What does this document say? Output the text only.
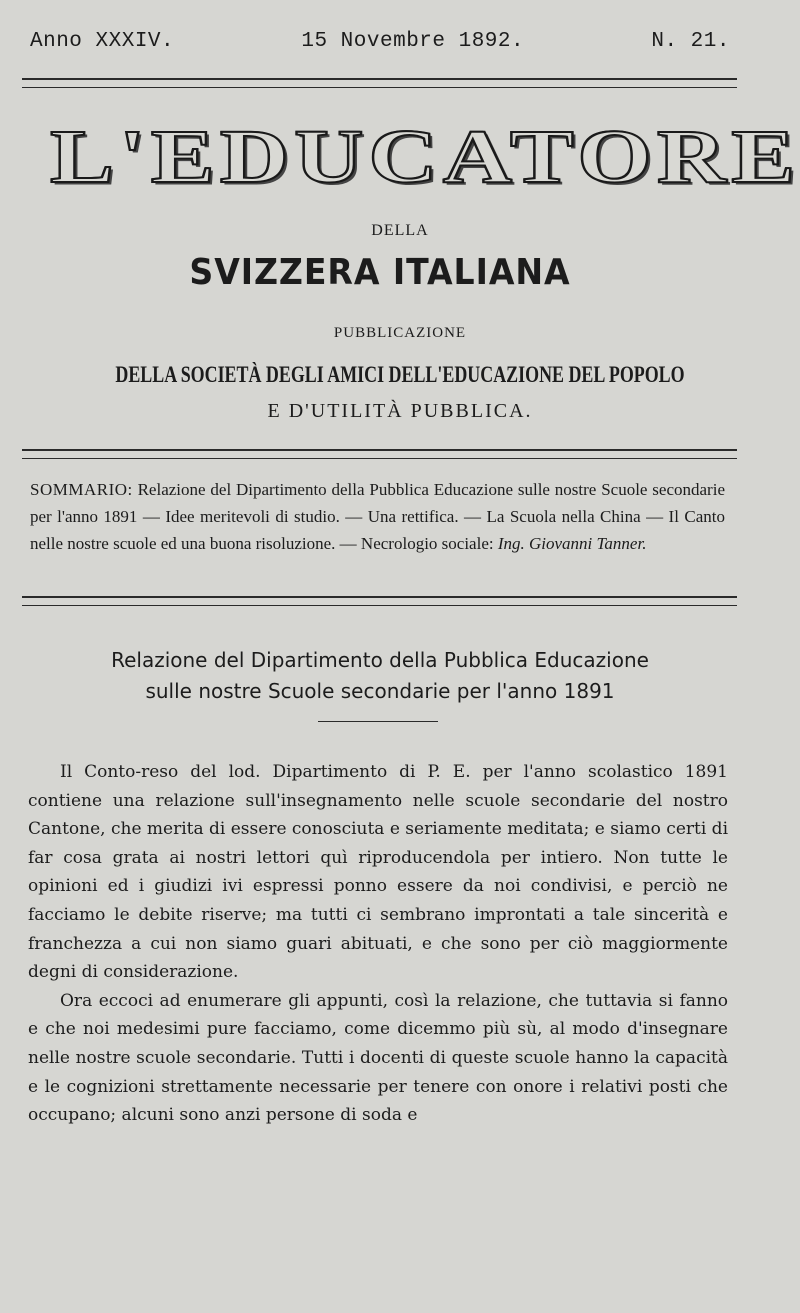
Anno XXXIV.	15 Novembre 1892.	N. 21.
L'EDUCATORE
DELLA
SVIZZERA ITALIANA
PUBBLICAZIONE
DELLA SOCIETÀ DEGLI AMICI DELL'EDUCAZIONE DEL POPOLO
E D'UTILITÀ PUBBLICA.
SOMMARIO: Relazione del Dipartimento della Pubblica Educazione sulle nostre Scuole secondarie per l'anno 1891 — Idee meritevoli di studio. — Una rettifica. — La Scuola nella China — Il Canto nelle nostre scuole ed una buona risoluzione. — Necrologio sociale: Ing. Giovanni Tanner.
Relazione del Dipartimento della Pubblica Educazione
sulle nostre Scuole secondarie per l'anno 1891

Il Conto-reso del lod. Dipartimento di P. E. per l'anno scolastico 1891 contiene una relazione sull'insegnamento nelle scuole secondarie del nostro Cantone, che merita di essere conosciuta e seriamente meditata; e siamo certi di far cosa grata ai nostri lettori quì riproducendola per intiero. Non tutte le opinioni ed i giudizi ivi espressi ponno essere da noi condivisi, e perciò ne facciamo le debite riserve; ma tutti ci sembrano improntati a tale sincerità e franchezza a cui non siamo guari abituati, e che sono per ciò maggiormente degni di considerazione.

Ora eccoci ad enumerare gli appunti, così la relazione, che tuttavia si fanno e che noi medesimi pure facciamo, come dicemmo più sù, al modo d'insegnare nelle nostre scuole secondarie. Tutti i docenti di queste scuole hanno la capacità e le cognizioni strettamente necessarie per tenere con onore i relativi posti che occupano; alcuni sono anzi persone di soda e
